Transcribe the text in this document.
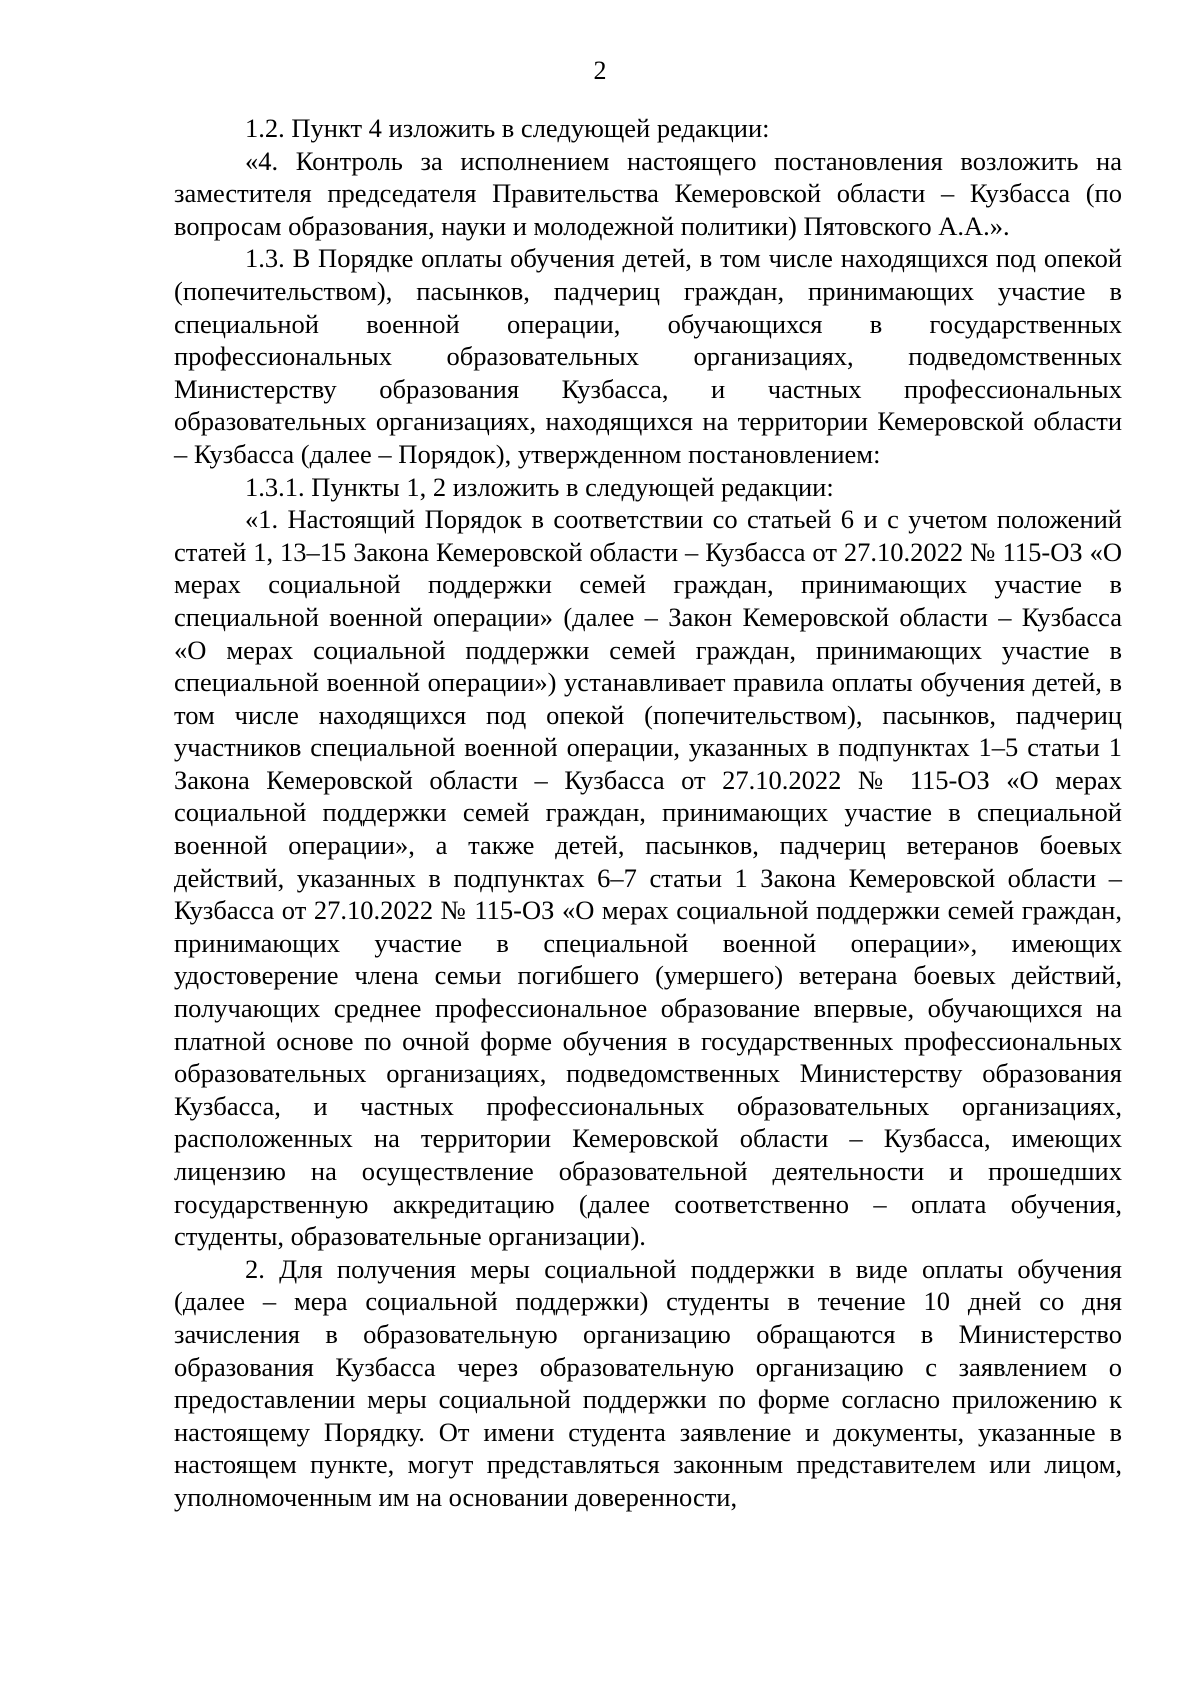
2

1.2. Пункт 4 изложить в следующей редакции:

«4. Контроль за исполнением настоящего постановления возложить на заместителя председателя Правительства Кемеровской области – Кузбасса (по вопросам образования, науки и молодежной политики) Пятовского А.А.».

1.3. В Порядке оплаты обучения детей, в том числе находящихся под опекой (попечительством), пасынков, падчериц граждан, принимающих участие в специальной военной операции, обучающихся в государственных профессиональных образовательных организациях, подведомственных Министерству образования Кузбасса, и частных профессиональных образовательных организациях, находящихся на территории Кемеровской области – Кузбасса (далее – Порядок), утвержденном постановлением:

1.3.1. Пункты 1, 2 изложить в следующей редакции:

«1. Настоящий Порядок в соответствии со статьей 6 и с учетом положений статей 1, 13–15 Закона Кемеровской области – Кузбасса от 27.10.2022 № 115-ОЗ «О мерах социальной поддержки семей граждан, принимающих участие в специальной военной операции» (далее – Закон Кемеровской области – Кузбасса «О мерах социальной поддержки семей граждан, принимающих участие в специальной военной операции») устанавливает правила оплаты обучения детей, в том числе находящихся под опекой (попечительством), пасынков, падчериц участников специальной военной операции, указанных в подпунктах 1–5 статьи 1 Закона Кемеровской области – Кузбасса от 27.10.2022 № 115-ОЗ «О мерах социальной поддержки семей граждан, принимающих участие в специальной военной операции», а также детей, пасынков, падчериц ветеранов боевых действий, указанных в подпунктах 6–7 статьи 1 Закона Кемеровской области – Кузбасса от 27.10.2022 № 115-ОЗ «О мерах социальной поддержки семей граждан, принимающих участие в специальной военной операции», имеющих удостоверение члена семьи погибшего (умершего) ветерана боевых действий, получающих среднее профессиональное образование впервые, обучающихся на платной основе по очной форме обучения в государственных профессиональных образовательных организациях, подведомственных Министерству образования Кузбасса, и частных профессиональных образовательных организациях, расположенных на территории Кемеровской области – Кузбасса, имеющих лицензию на осуществление образовательной деятельности и прошедших государственную аккредитацию (далее соответственно – оплата обучения, студенты, образовательные организации).

2. Для получения меры социальной поддержки в виде оплаты обучения (далее – мера социальной поддержки) студенты в течение 10 дней со дня зачисления в образовательную организацию обращаются в Министерство образования Кузбасса через образовательную организацию с заявлением о предоставлении меры социальной поддержки по форме согласно приложению к настоящему Порядку. От имени студента заявление и документы, указанные в настоящем пункте, могут представляться законным представителем или лицом, уполномоченным им на основании доверенности,
